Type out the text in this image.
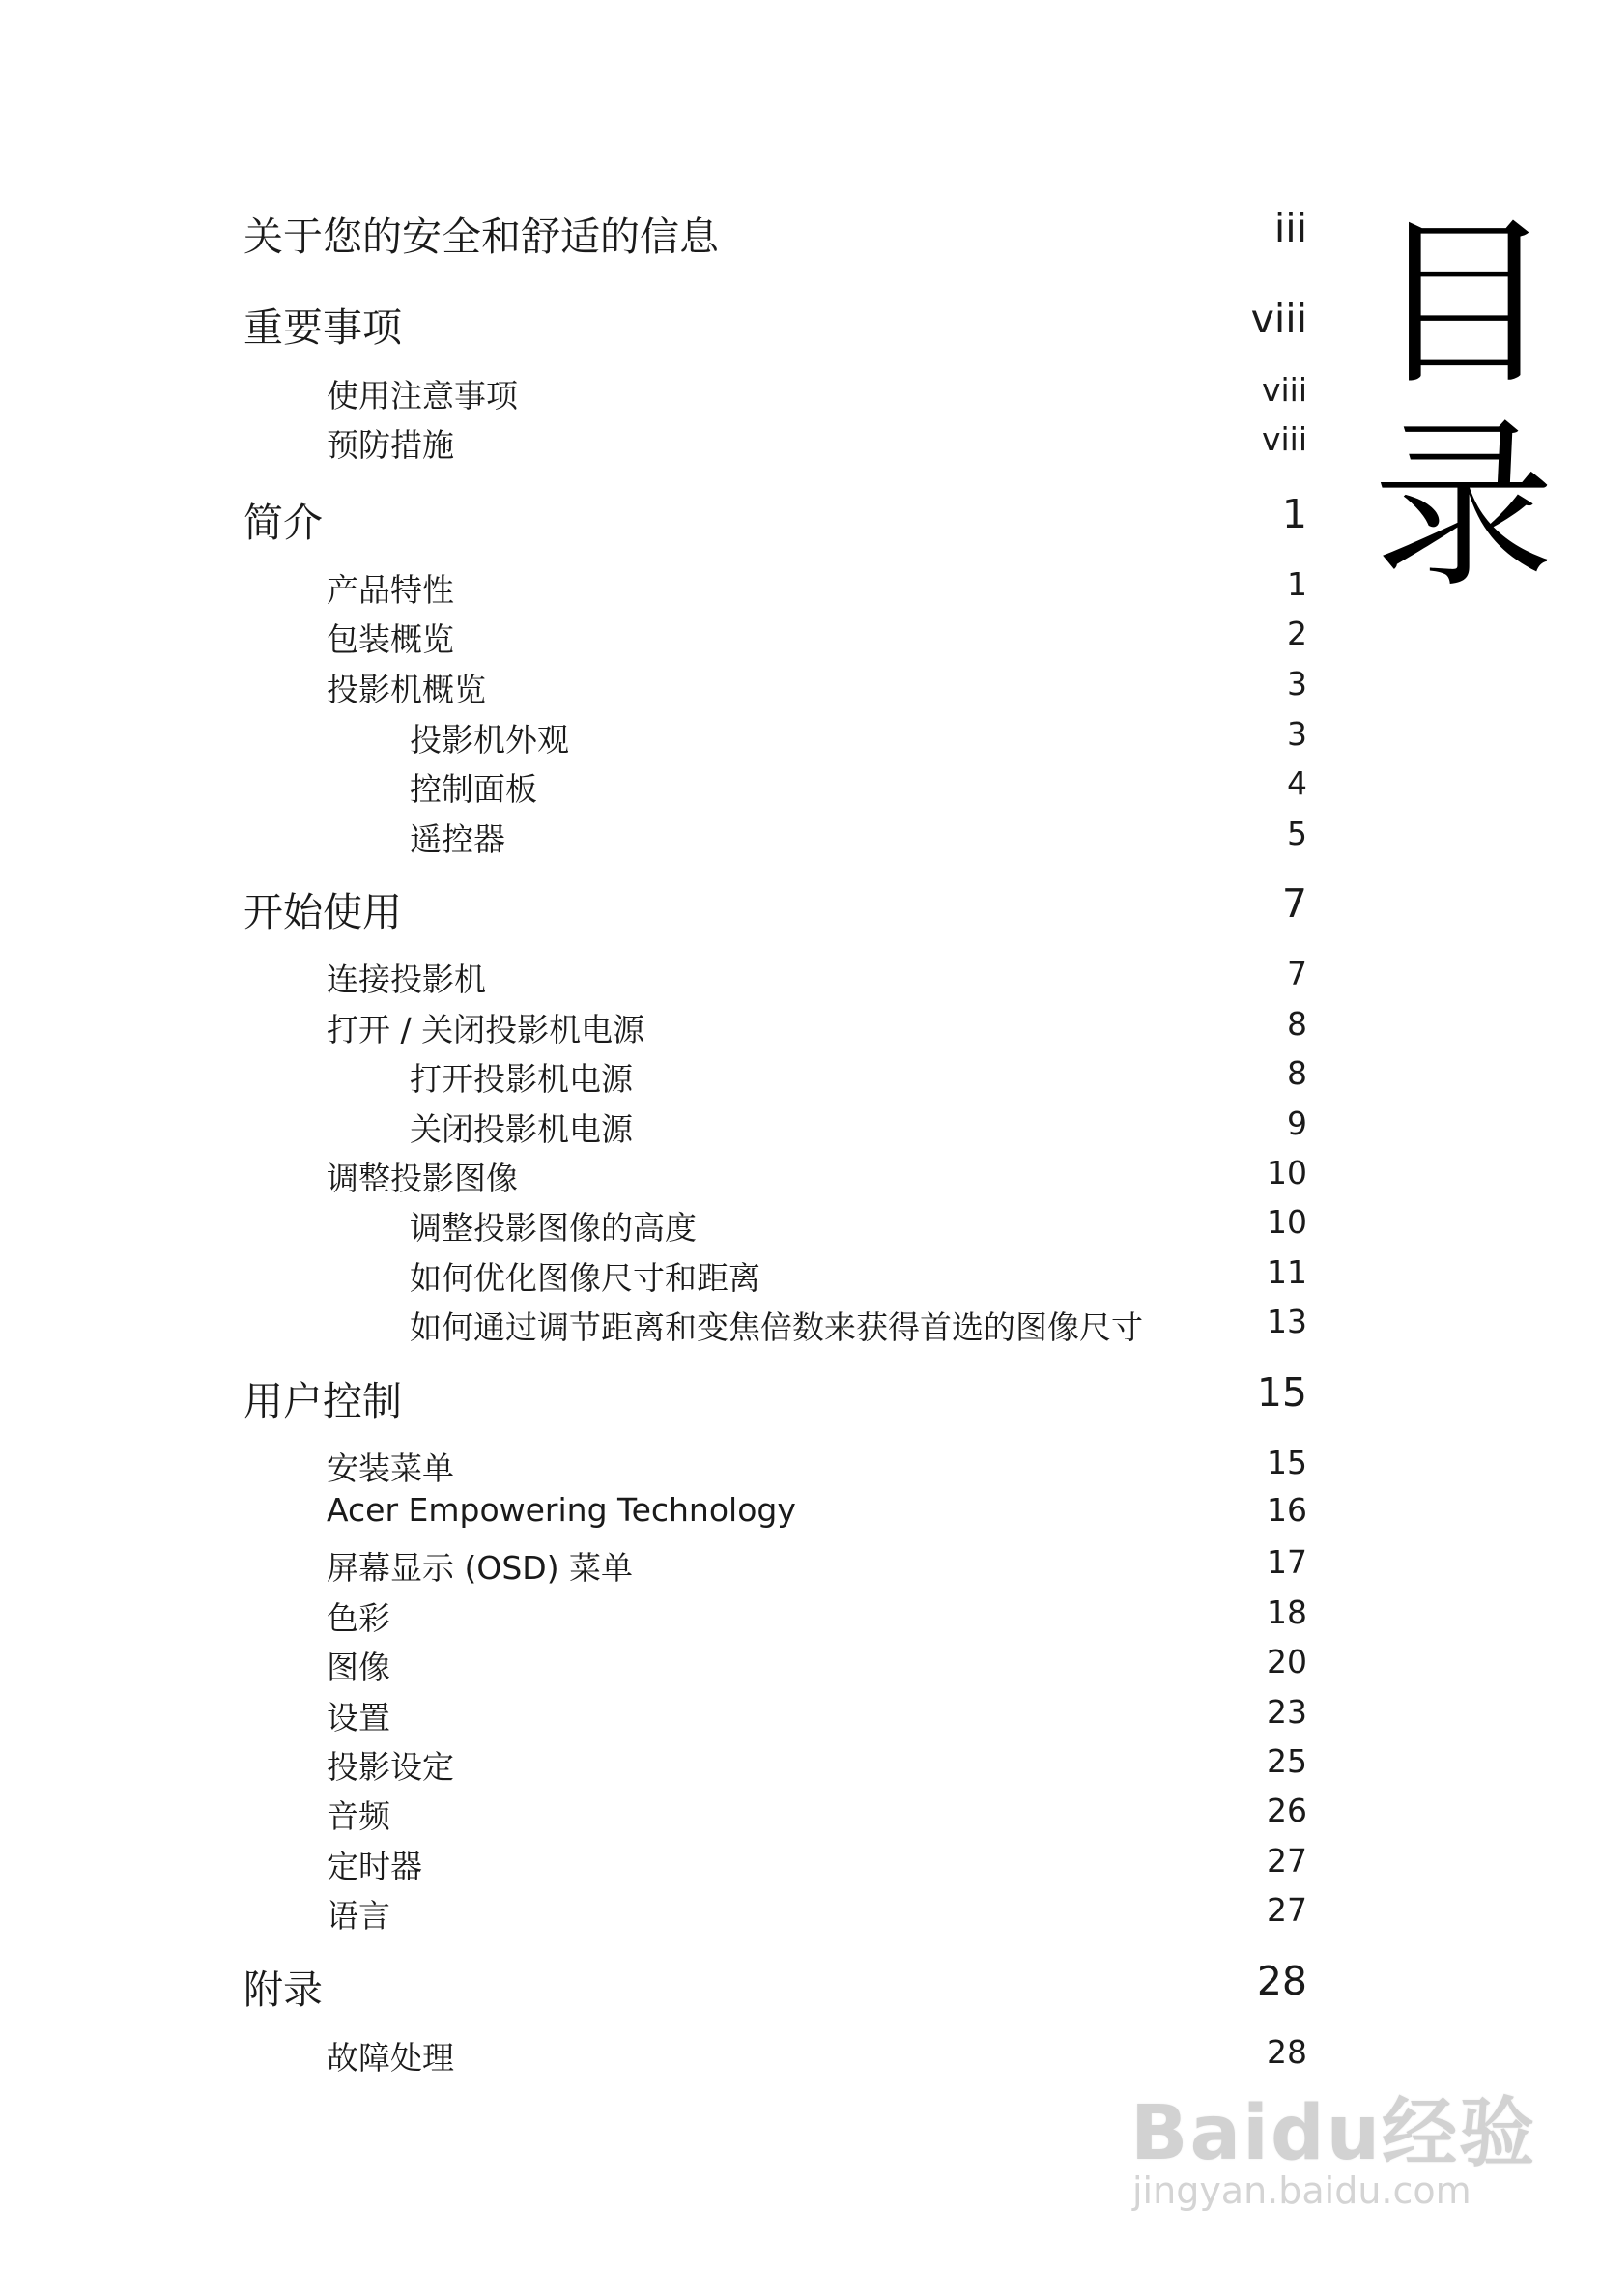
关于您的安全和舒适的信息	iii
重要事项	viii
使用注意事项	viii
预防措施	viii
简介	1
产品特性	1
包装概览	2
投影机概览	3
投影机外观	3
控制面板	4
遥控器	5
开始使用	7
连接投影机	7
打开 / 关闭投影机电源	8
打开投影机电源	8
关闭投影机电源	9
调整投影图像	10
调整投影图像的高度	10
如何优化图像尺寸和距离	11
如何通过调节距离和变焦倍数来获得首选的图像尺寸	13
用户控制	15
安装菜单	15
Acer Empowering Technology	16
屏幕显示 (OSD) 菜单	17
色彩	18
图像	20
设置	23
投影设定	25
音频	26
定时器	27
语言	27
附录	28
故障处理	28
目
录
Baidu经验
jingyan.baidu.com
